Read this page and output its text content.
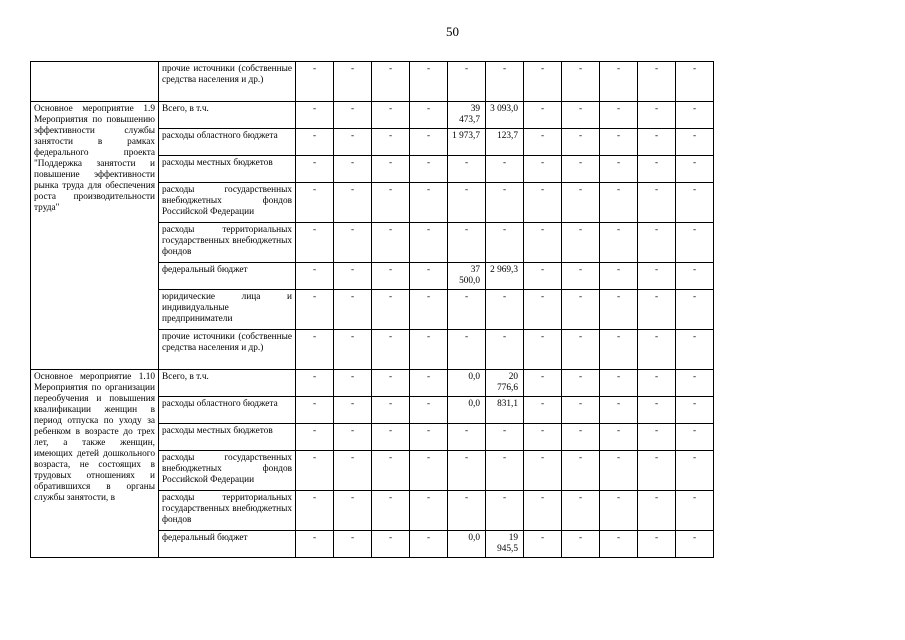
50
	прочие источники (собственные средства населения и др.)	-	-	-	-	-	-	-	-	-	-	-

Основное мероприятие 1.9 Мероприятия по повышению эффективности службы занятости в рамках федерального проекта "Поддержка занятости и повышение эффективности рынка труда для обеспечения роста производительности труда"	Всего, в т.ч.	-	-	-	-	39 473,7	3 093,0	-	-	-	-	-

	расходы областного бюджета	-	-	-	-	1 973,7	123,7	-	-	-	-	-

	расходы местных бюджетов	-	-	-	-	-	-	-	-	-	-	-

	расходы государственных внебюджетных фондов Российской Федерации	-	-	-	-	-	-	-	-	-	-	-

	расходы территориальных государственных внебюджетных фондов	-	-	-	-	-	-	-	-	-	-	-

	федеральный бюджет	-	-	-	-	37 500,0	2 969,3	-	-	-	-	-

	юридические лица и индивидуальные предприниматели	-	-	-	-	-	-	-	-	-	-	-

	прочие источники (собственные средства населения и др.)	-	-	-	-	-	-	-	-	-	-	-

Основное мероприятие 1.10 Мероприятия по организации переобучения и повышения квалификации женщин в период отпуска по уходу за ребенком в возрасте до трех лет, а также женщин, имеющих детей дошкольного возраста, не состоящих в трудовых отношениях и обратившихся в органы службы занятости, в	Всего, в т.ч.	-	-	-	-	0,0	20 776,6	-	-	-	-	-

	расходы областного бюджета	-	-	-	-	0,0	831,1	-	-	-	-	-

	расходы местных бюджетов	-	-	-	-	-	-	-	-	-	-	-

	расходы государственных внебюджетных фондов Российской Федерации	-	-	-	-	-	-	-	-	-	-	-

	расходы территориальных государственных внебюджетных фондов	-	-	-	-	-	-	-	-	-	-	-

	федеральный бюджет	-	-	-	-	0,0	19 945,5	-	-	-	-	-
